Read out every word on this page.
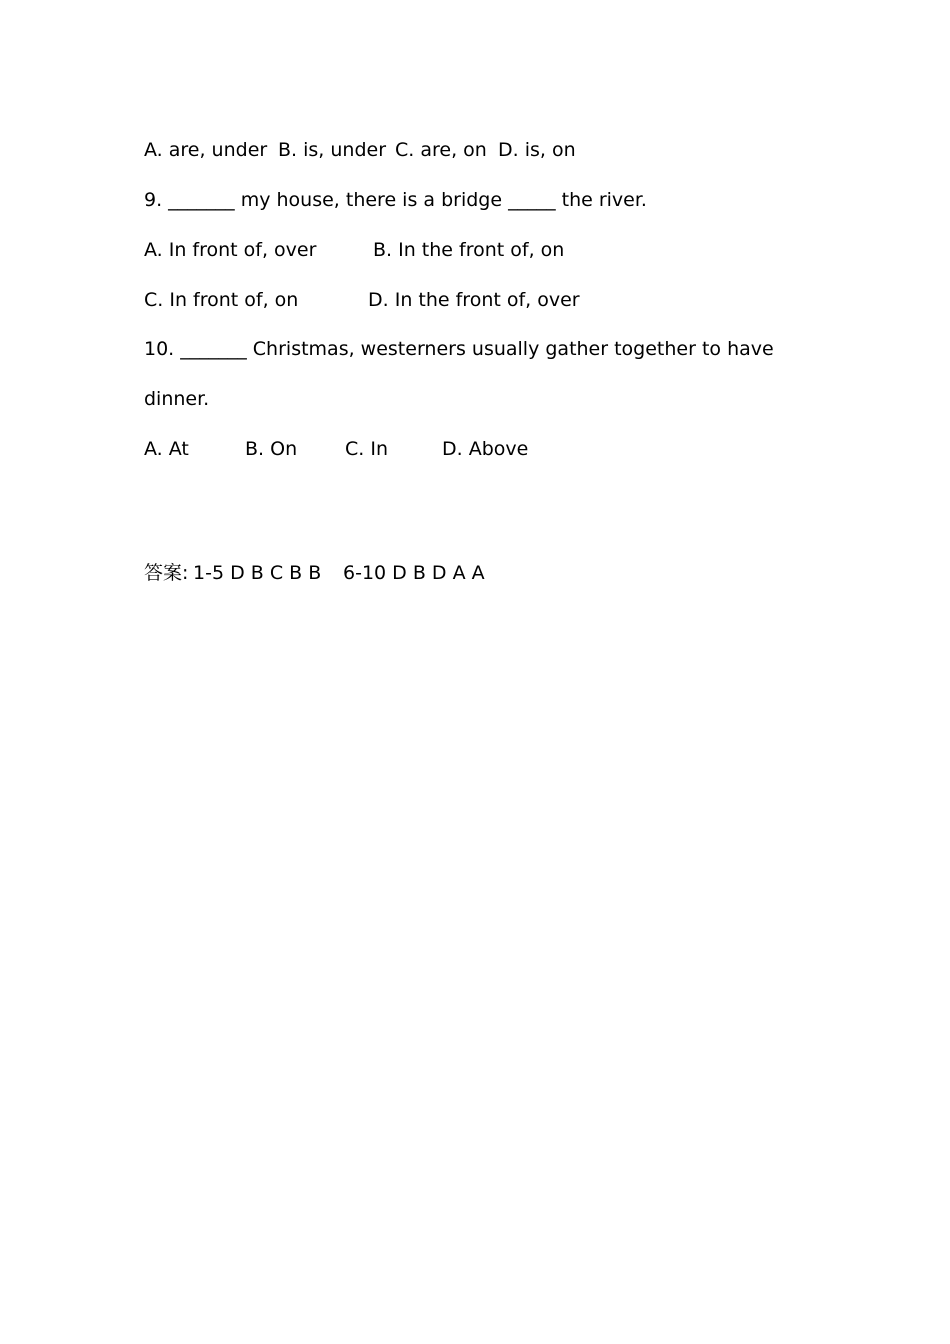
A. are, under B. is, under C. are, on D. is, on
9. _______ my house, there is a bridge _____ the river.
A. In front of, over	B. In the front of, on
C. In front of, on	D. In the front of, over
10. _______ Christmas, westerners usually gather together to have
dinner.
A. At	B. On	C. In	D. Above
答案: 1-5 D B C B B 6-10 D B D A A
